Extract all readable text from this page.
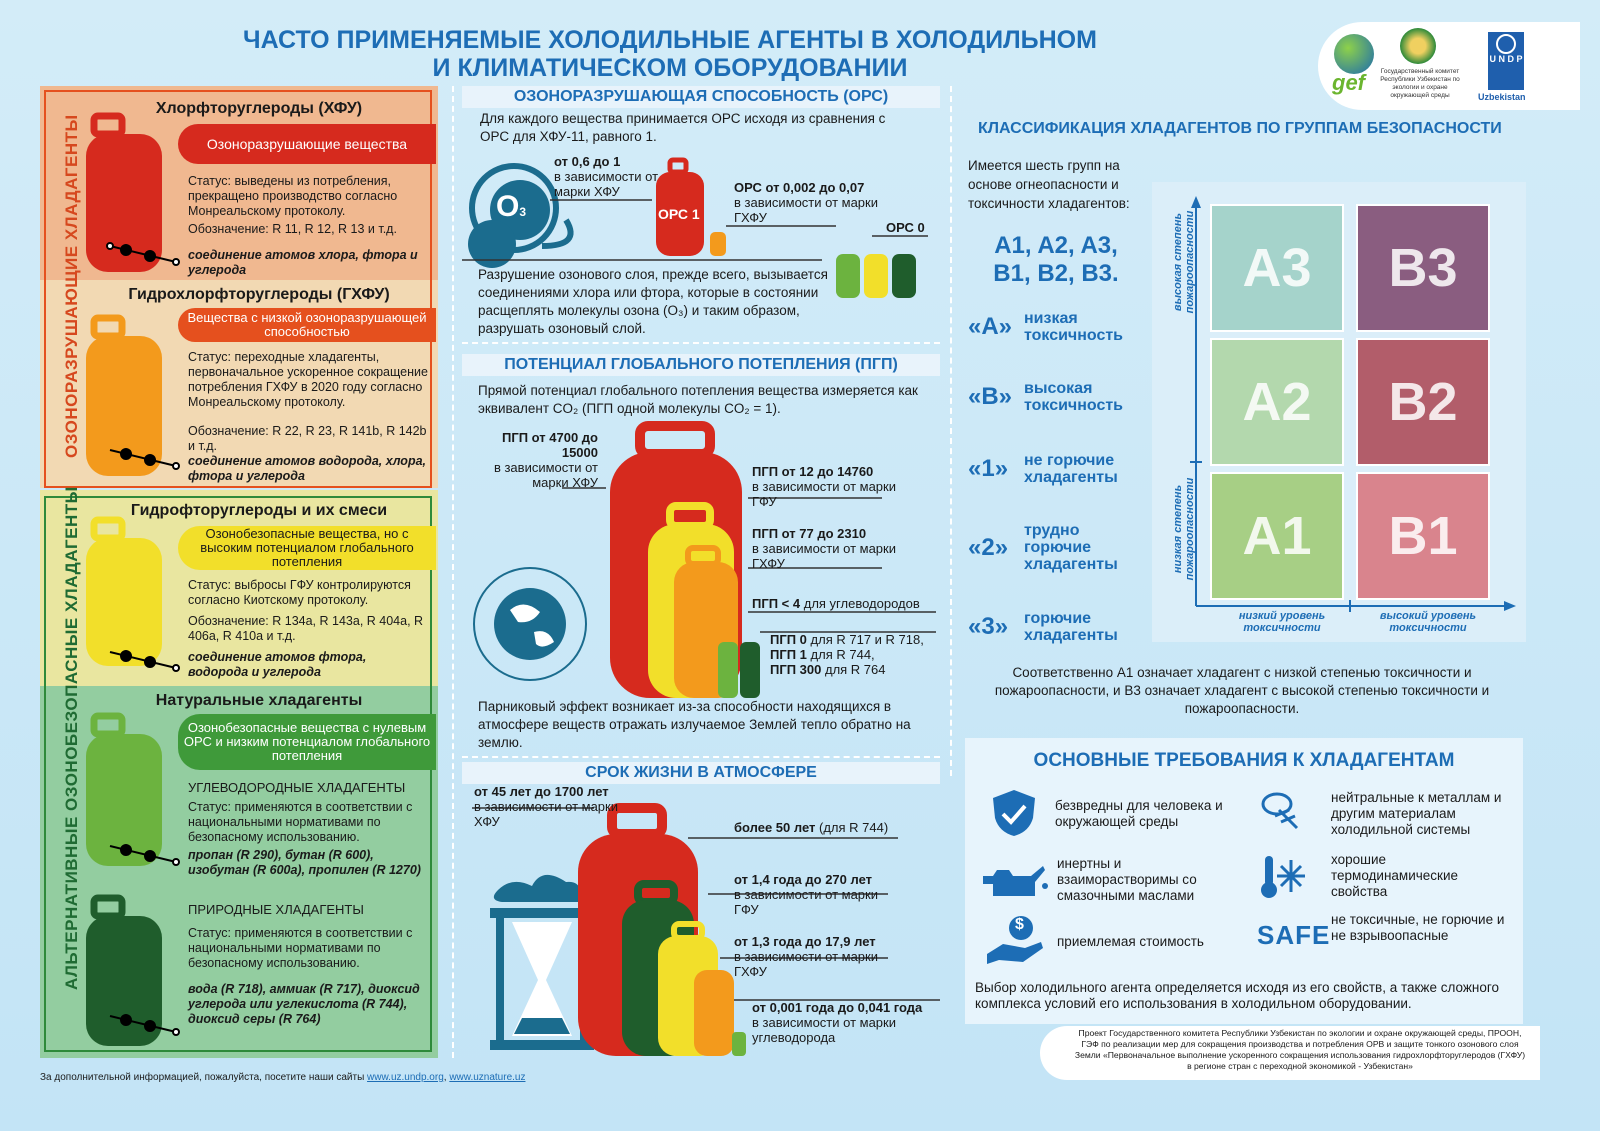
ЧАСТО ПРИМЕНЯЕМЫЕ ХОЛОДИЛЬНЫЕ АГЕНТЫ В ХОЛОДИЛЬНОМ
И КЛИМАТИЧЕСКОМ ОБОРУДОВАНИИ
gef	Государственный комитет Республики Узбекистан по экологии и охране окружающей среды
U N D P
Uzbekistan
ОЗОНОРАЗРУШАЮЩИЕ ХЛАДАГЕНТЫ
АЛЬТЕРНАТИВНЫЕ ОЗОНОБЕЗОПАСНЫЕ ХЛАДАГЕНТЫ
Хлорфторуглероды (ХФУ)
Озоноразрушающие вещества
Статус: выведены из потребления, прекращено производство согласно Монреальскому протоколу.
Обозначение: R 11, R 12, R 13 и т.д.
соединение атомов хлора, фтора и углерода
Гидрохлорфторуглероды (ГХФУ)
Вещества с низкой озоноразрушающей способностью
Статус: переходные хладагенты, первоначальное ускоренное сокращение потребления ГХФУ в 2020 году согласно Монреальскому протоколу.
Обозначение: R 22, R 23, R 141b, R 142b и т.д.
соединение атомов водорода, хлора, фтора и углерода
Гидрофторуглероды и их смеси
Озонобезопасные вещества, но с высоким потенциалом глобального потепления
Статус: выбросы ГФУ контролируются согласно Киотскому протоколу.
Обозначение: R 134a, R 143a, R 404a, R 406a, R 410a и т.д.
соединение атомов фтора, водорода и углерода
Натуральные хладагенты
Озонобезопасные вещества с нулевым ОРС и низким потенциалом глобального потепления
УГЛЕВОДОРОДНЫЕ ХЛАДАГЕНТЫ
Статус: применяются в соответствии с национальными нормативами по безопасному использованию.
пропан (R 290), бутан (R 600), изобутан (R 600a), пропилен (R 1270)
ПРИРОДНЫЕ ХЛАДАГЕНТЫ
Статус: применяются в соответствии с национальными нормативами по безопасному использованию.
вода (R 718), аммиак (R 717), диоксид углерода или углекислота (R 744), диоксид серы (R 764)
ОЗОНОРАЗРУШАЮЩАЯ СПОСОБНОСТЬ (ОРС)
Для каждого вещества принимается ОРС исходя из сравнения с ОРС для ХФУ-11, равного 1.
O3	ОРС 1
от 0,6 до 1
в зависимости от марки ХФУ	ОРС от 0,002 до 0,07
в зависимости от марки ГХФУ
ОРС 0
Разрушение озонового слоя, прежде всего, вызывается соединениями хлора или фтора, которые в состоянии расщеплять молекулы озона (O₃) и таким образом, разрушать озоновый слой.
ПОТЕНЦИАЛ ГЛОБАЛЬНОГО ПОТЕПЛЕНИЯ (ПГП)
Прямой потенциал глобального потепления вещества измеряется как эквивалент CO₂ (ПГП одной молекулы CO₂ = 1).
ПГП от 4700 до 15000
в зависимости от марки ХФУ
ПГП от 12 до 14760
в зависимости от марки ГФУ
ПГП от 77 до 2310
в зависимости от марки ГХФУ
ПГП < 4 для углеводородов
ПГП 0 для R 717 и R 718,
ПГП 1 для R 744,
ПГП 300 для R 764
Парниковый эффект возникает из-за способности находящихся в атмосфере веществ отражать излучаемое Землей тепло обратно на землю.
СРОК ЖИЗНИ В АТМОСФЕРЕ
от 45 лет до 1700 лет
в зависимости от марки ХФУ	более 50 лет (для R 744)
от 1,4 года до 270 лет
в зависимости от марки ГФУ
от 1,3 года до 17,9 лет
в зависимости от марки ГХФУ
от 0,001 года до 0,041 года
в зависимости от марки углеводорода
КЛАССИФИКАЦИЯ ХЛАДАГЕНТОВ ПО ГРУППАМ БЕЗОПАСНОСТИ
Имеется шесть групп на основе огнеопасности и токсичности хладагентов:
A1, A2, A3,
B1, B2, B3.
«А» низкая токсичность
«В» высокая токсичность
«1» не горючие хладагенты
«2»
трудно горючие хладагенты
«3» горючие хладагенты
A3	B3
A2	B2
A1	B1
высокая степень пожароопасности
низкая степень пожароопасности
низкий уровень токсичности
высокий уровень токсичности
Соответственно A1 означает хладагент с низкой степенью токсичности и пожароопасности, и B3 означает хладагент с высокой степенью токсичности и пожароопасности.
ОСНОВНЫЕ ТРЕБОВАНИЯ К ХЛАДАГЕНТАМ
безвредны для человека и окружающей среды
нейтральные к металлам и другим материалам холодильной системы
инертны и взаиморастворимы со смазочными маслами
хорошие термодинамические свойства
$
приемлемая стоимость	SAFE
не токсичные, не горючие и не взрывоопасные
Выбор холодильного агента определяется исходя из его свойств, а также сложного комплекса условий его использования в холодильном оборудовании.
За дополнительной информацией, пожалуйста, посетите наши сайты www.uz.undp.org, www.uznature.uz
Проект Государственного комитета Республики Узбекистан по экологии и охране окружающей среды, ПРООН, ГЭФ по реализации мер для сокращения производства и потребления ОРВ и защите тонкого озонового слоя Земли «Первоначальное выполнение ускоренного сокращения использования гидрохлорфторуглеродов (ГХФУ) в регионе стран с переходной экономикой - Узбекистан»
